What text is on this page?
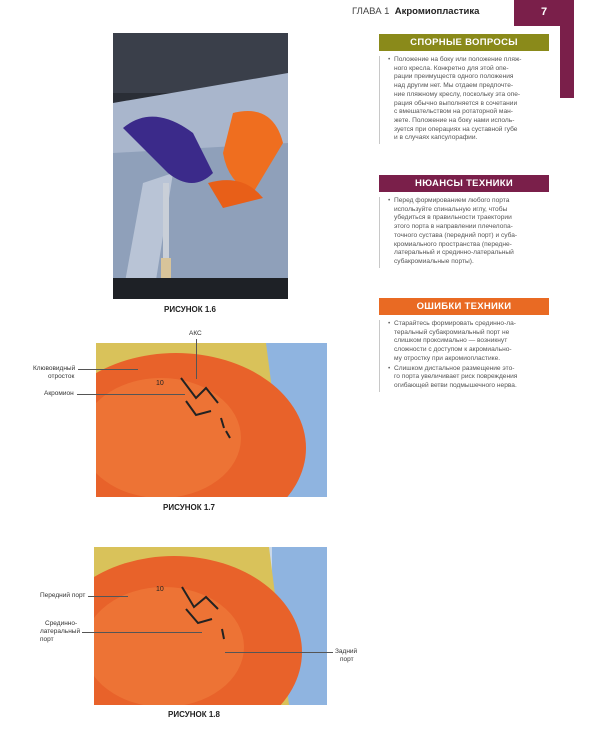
ГЛАВА 1 Акромиопластика	7
РИСУНОК 1.6
10
АКС
Клювовидный
отросток
Акромион
РИСУНОК 1.7
10
Передний порт
Срединно-
латеральный
порт
Задний
порт
РИСУНОК 1.8
СПОРНЫЕ ВОПРОСЫ
• Положение на боку или положение пляж-
ного кресла. Конкретно для этой опе-
рации преимуществ одного положения
над другим нет. Мы отдаем предпочте-
ние пляжному креслу, поскольку эта опе-
рация обычно выполняется в сочетании
с вмешательством на ротаторной ман-
жете. Положение на боку нами исполь-
зуется при операциях на суставной губе
и в случаях капсулорафии.
НЮАНСЫ ТЕХНИКИ
• Перед формированием любого порта
используйте спинальную иглу, чтобы
убедиться в правильности траектории
этого порта в направлении плечелопа-
точного сустава (передний порт) и суба-
кромиального пространства (передне-
латеральный и срединно-латеральный
субакромиальные порты).
ОШИБКИ ТЕХНИКИ
• Старайтесь формировать срединно-ла-
теральный субакромиальный порт не
слишком проксимально — возникнут
сложности с доступом к акромиально-
му отростку при акромиопластике.
• Слишком дистальное размещение это-
го порта увеличивает риск повреждения
огибающей ветви подмышечного нерва.
